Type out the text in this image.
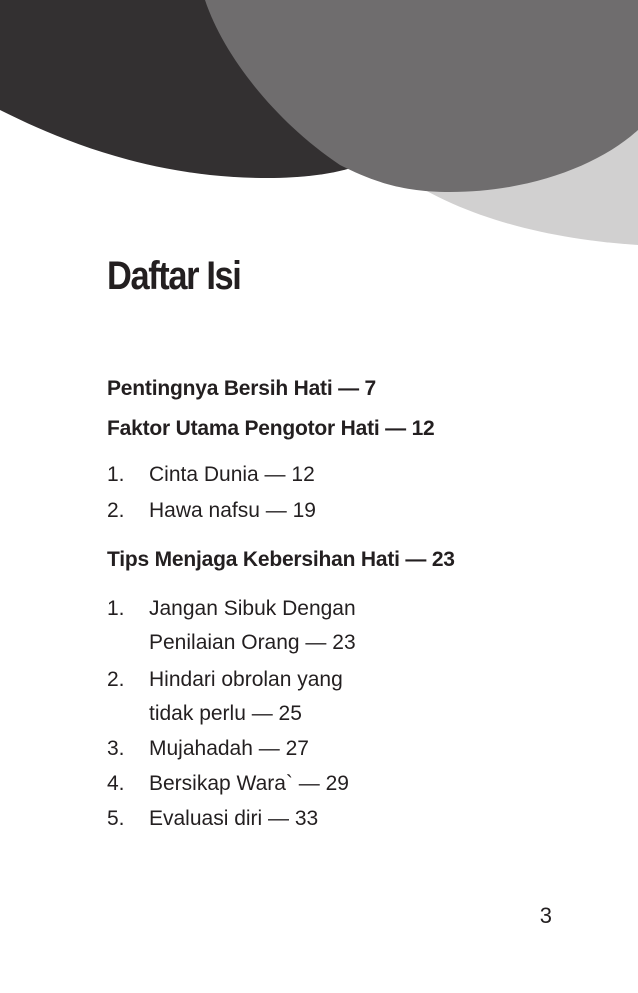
Daftar Isi

Pentingnya Bersih Hati — 7

Faktor Utama Pengotor Hati — 12

1. Cinta Dunia — 12
2. Hawa nafsu — 19

Tips Menjaga Kebersihan Hati — 23

1. Jangan Sibuk Dengan
Penilaian Orang — 23
2. Hindari obrolan yang
tidak perlu — 25
3. Mujahadah — 27
4. Bersikap Wara` — 29
5. Evaluasi diri — 33
3
